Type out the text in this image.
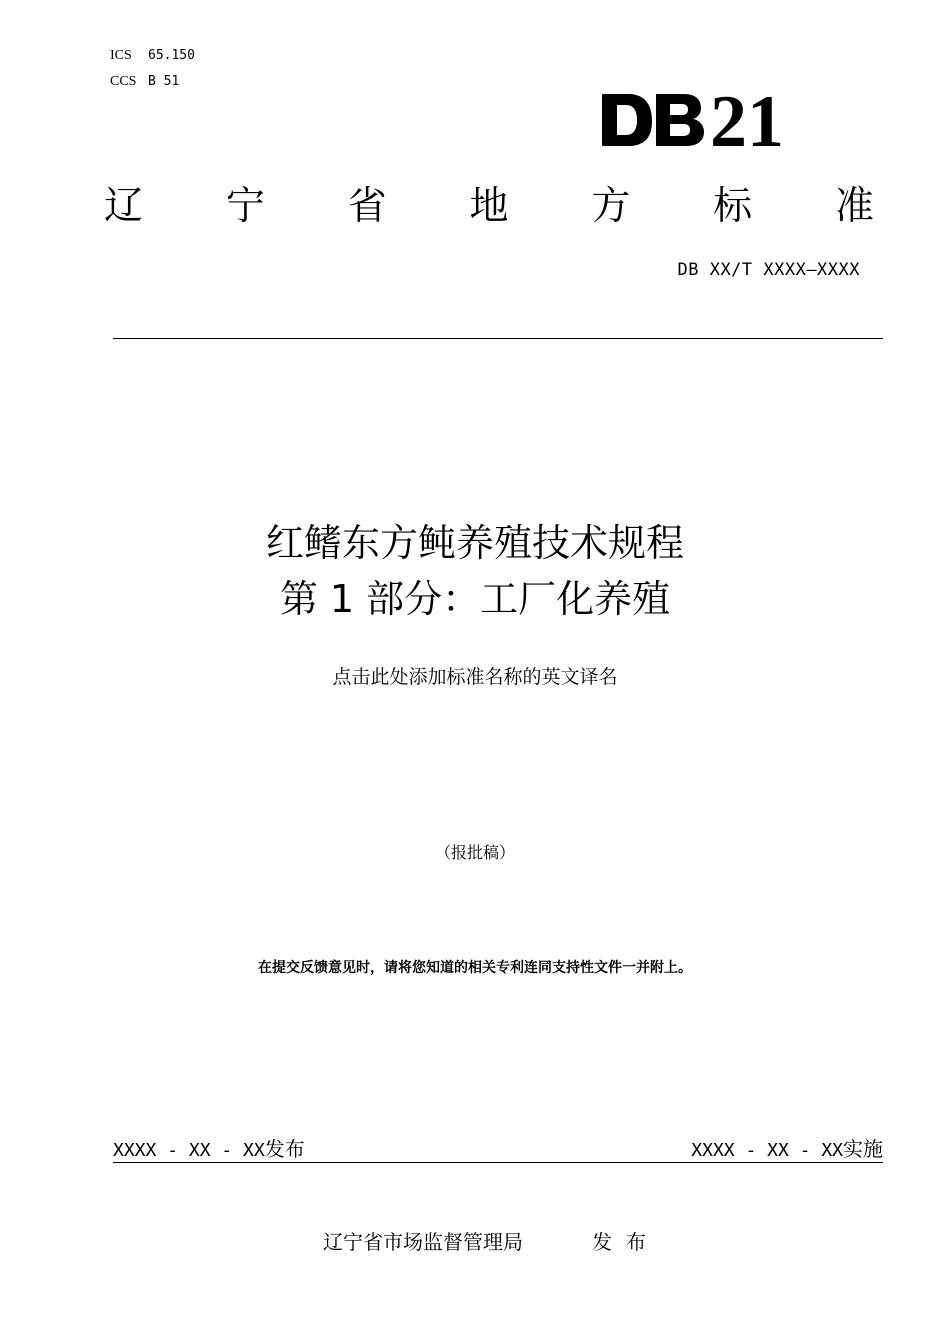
ICS 65.150
CCS B 51	21
辽 宁 省 地 方 标 准
DB XX/T XXXX—XXXX
红鳍东方鲀养殖技术规程
第 1 部分：工厂化养殖
点击此处添加标准名称的英文译名
（报批稿）
在提交反馈意见时，请将您知道的相关专利连同支持性文件一并附上。
XXXX - XX - XX发布	XXXX - XX - XX实施
辽宁省市场监督管理局	发布
